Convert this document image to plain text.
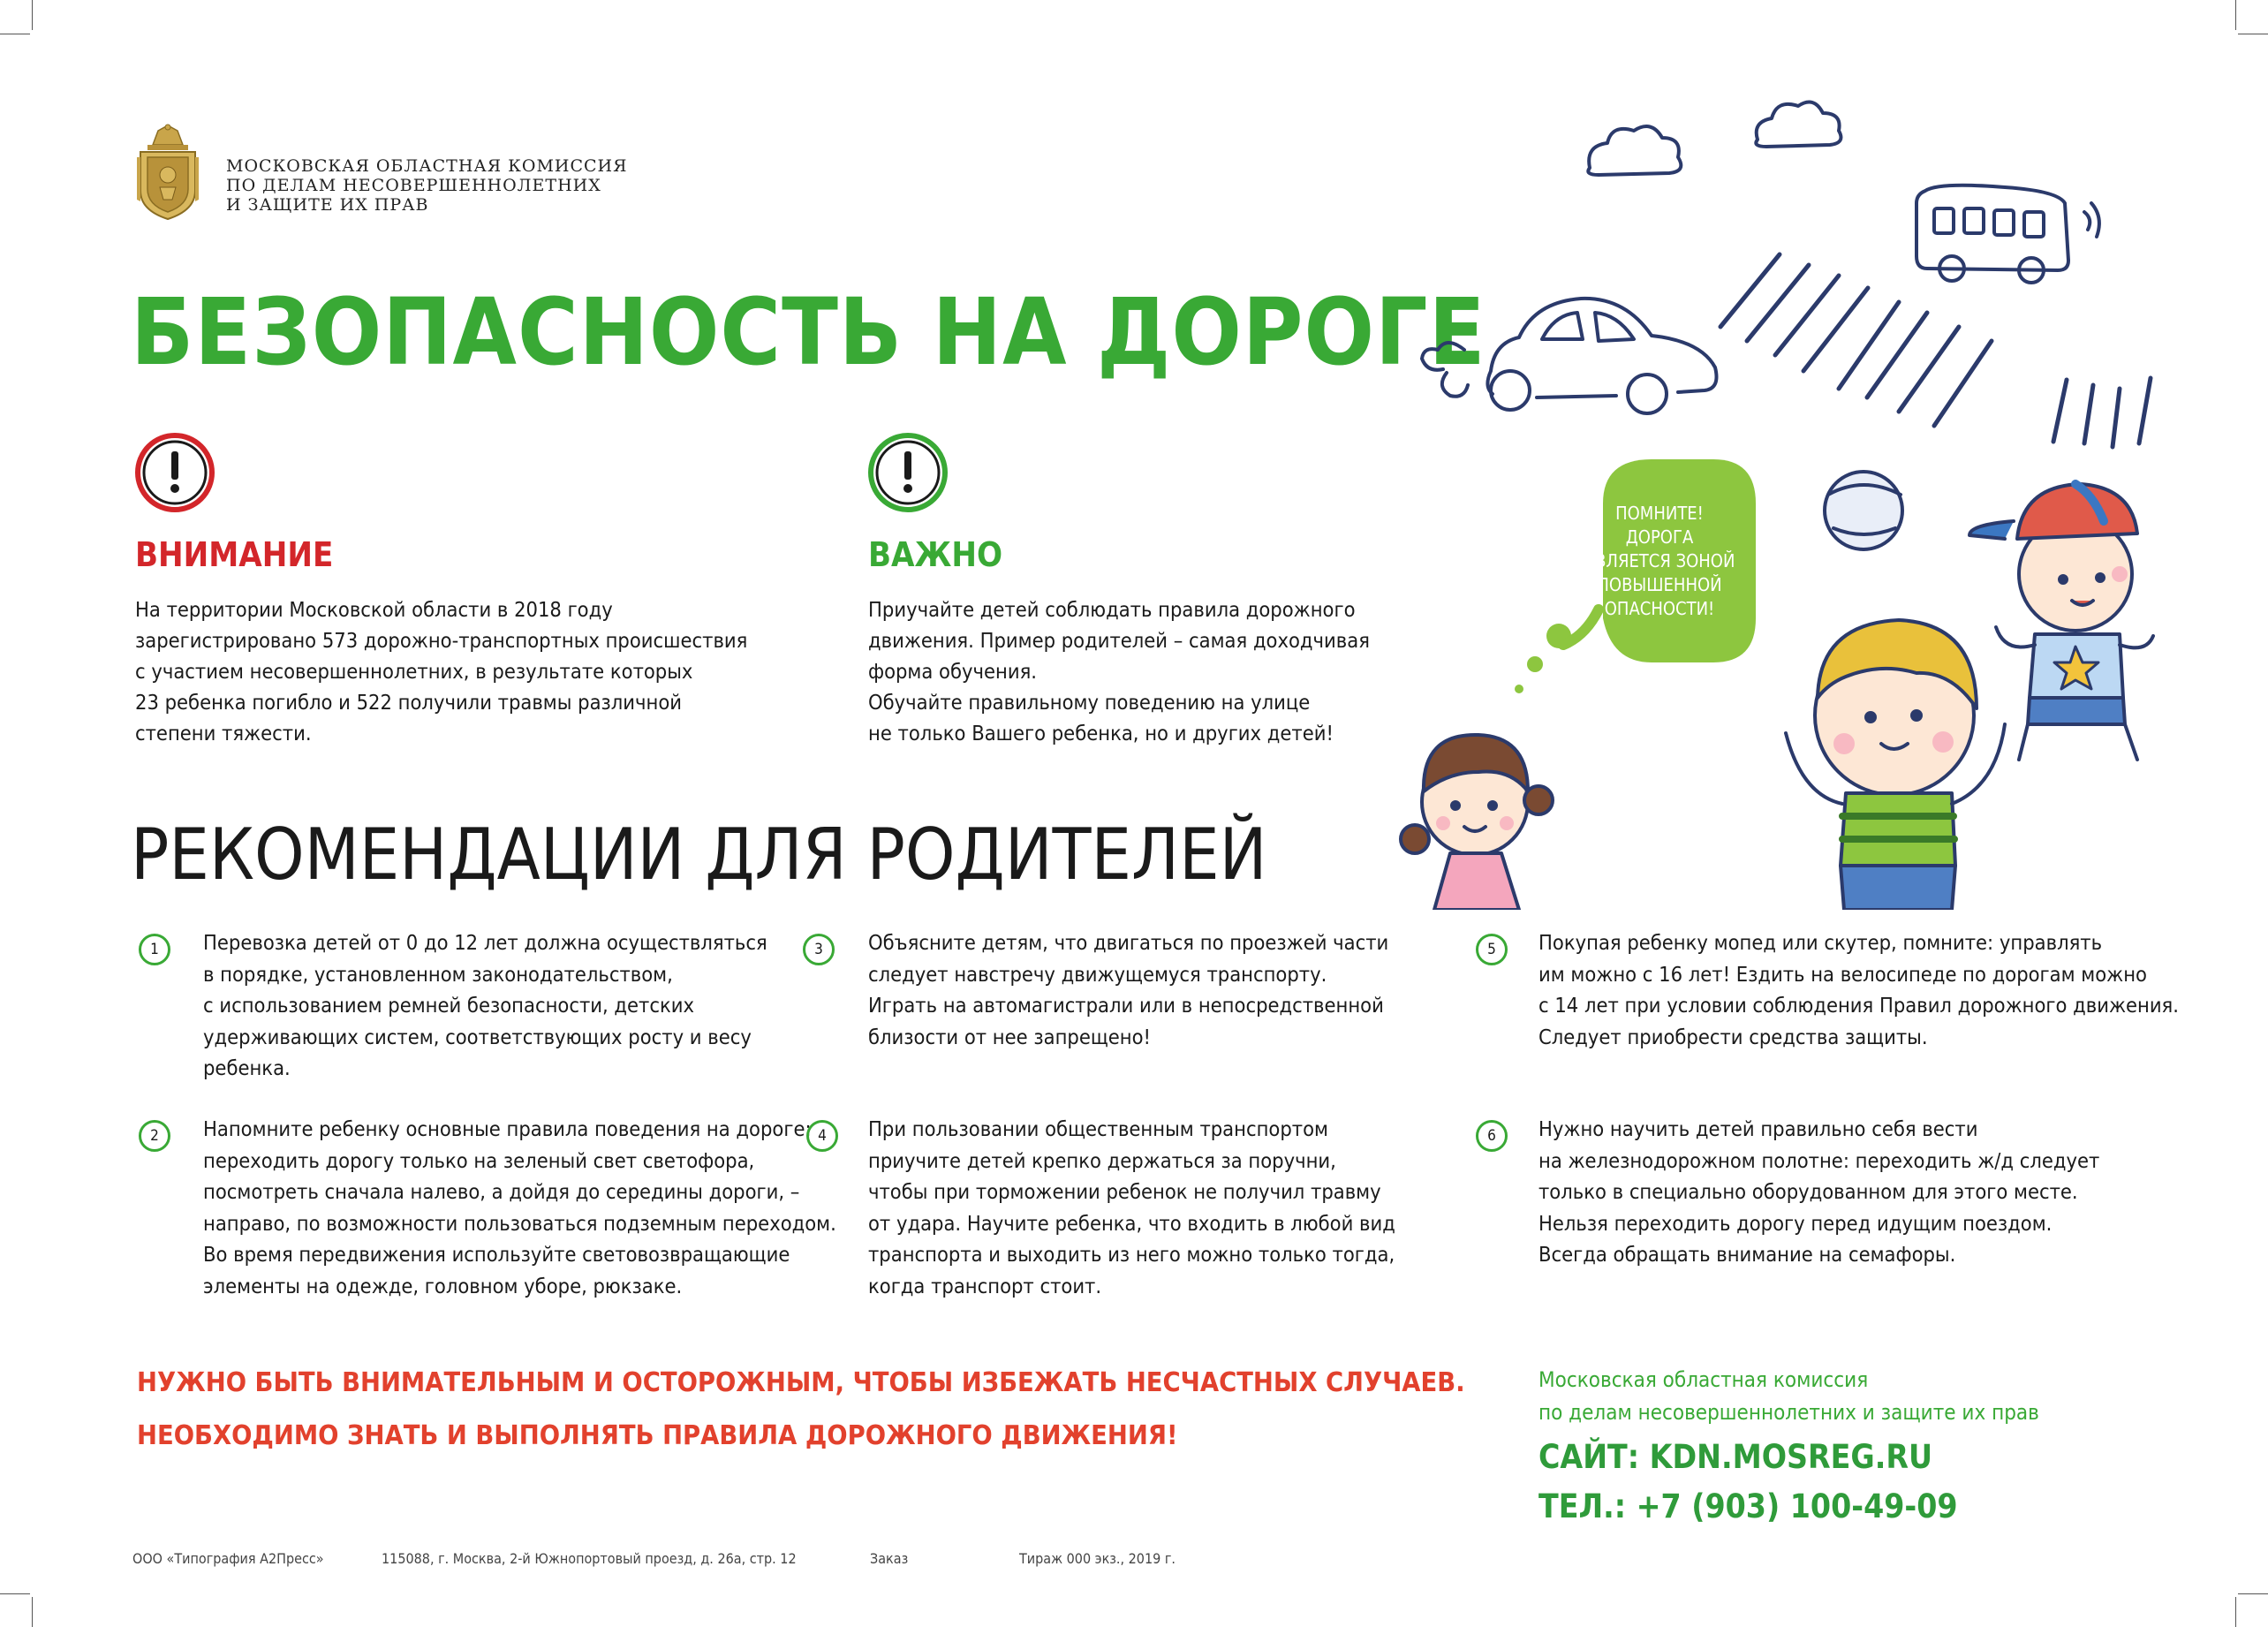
МОСКОВСКАЯ ОБЛАСТНАЯ КОМИССИЯ
ПО ДЕЛАМ НЕСОВЕРШЕННОЛЕТНИХ
И ЗАЩИТЕ ИХ ПРАВ
БЕЗОПАСНОСТЬ НА ДОРОГЕ
ВНИМАНИЕ
На территории Московской области в 2018 году
зарегистрировано 573 дорожно-транспортных происшествия
с участием несовершеннолетних, в результате которых
23 ребенка погибло и 522 получили травмы различной
степени тяжести.
ВАЖНО
Приучайте детей соблюдать правила дорожного
движения. Пример родителей – самая доходчивая
форма обучения.
Обучайте правильному поведению на улице
не только Вашего ребенка, но и других детей!
ПОМНИТЕ!
ДОРОГА
ЯВЛЯЕТСЯ ЗОНОЙ
ПОВЫШЕННОЙ
ОПАСНОСТИ!
РЕКОМЕНДАЦИИ ДЛЯ РОДИТЕЛЕЙ
1	Перевозка детей от 0 до 12 лет должна осуществляться
в порядке, установленном законодательством,
с использованием ремней безопасности, детских
удерживающих систем, соответствующих росту и весу
ребенка.
2	Напомните ребенку основные правила поведения на дороге:
переходить дорогу только на зеленый свет светофора,
посмотреть сначала налево, а дойдя до середины дороги, –
направо, по возможности пользоваться подземным переходом.
Во время передвижения используйте световозвращающие
элементы на одежде, головном уборе, рюкзаке.
3	Объясните детям, что двигаться по проезжей части
следует навстречу движущемуся транспорту.
Играть на автомагистрали или в непосредственной
близости от нее запрещено!
4	При пользовании общественным транспортом
приучите детей крепко держаться за поручни,
чтобы при торможении ребенок не получил травму
от удара. Научите ребенка, что входить в любой вид
транспорта и выходить из него можно только тогда,
когда транспорт стоит.
5	Покупая ребенку мопед или скутер, помните: управлять
им можно с 16 лет! Ездить на велосипеде по дорогам можно
с 14 лет при условии соблюдения Правил дорожного движения.
Следует приобрести средства защиты.
6	Нужно научить детей правильно себя вести
на железнодорожном полотне: переходить ж/д следует
только в специально оборудованном для этого месте.
Нельзя переходить дорогу перед идущим поездом.
Всегда обращать внимание на семафоры.
НУЖНО БЫТЬ ВНИМАТЕЛЬНЫМ И ОСТОРОЖНЫМ, ЧТОБЫ ИЗБЕЖАТЬ НЕСЧАСТНЫХ СЛУЧАЕВ.
НЕОБХОДИМО ЗНАТЬ И ВЫПОЛНЯТЬ ПРАВИЛА ДОРОЖНОГО ДВИЖЕНИЯ!
Московская областная комиссия
по делам несовершеннолетних и защите их прав
САЙТ: KDN.MOSREG.RU
ТЕЛ.: +7 (903) 100-49-09
ООО «Типография А2Пресс»	115088, г. Москва, 2-й Южнопортовый проезд, д. 26а, стр. 12	Заказ	Тираж 000 экз., 2019 г.
